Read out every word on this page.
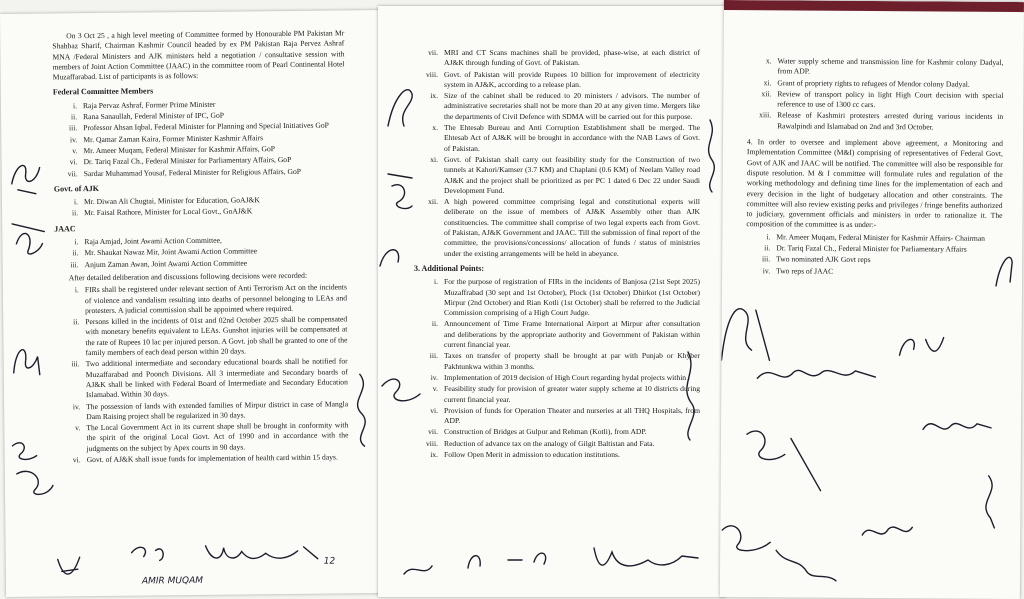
On 3 Oct 25 , a high level meeting of Committee formed by Honourable PM Pakistan Mr Shahbaz Sharif, Chairman Kashmir Council headed by ex PM Pakistan Raja Pervez Ashraf MNA /Federal Ministers and AJK ministers held a negotiation / consultative session with members of Joint Action Committee (JAAC) in the committee room of Pearl Continental Hotel Muzaffarabad. List of participants is as follows:

Federal Committee Members
i. Raja Pervaz Ashraf, Former Prime Minister
ii. Rana Sanaullah, Federal Minister of IPC, GoP
iii. Professor Ahsan Iqbal, Federal Minister for Planning and Special Initiatives GoP
iv. Mr. Qamar Zaman Kaira, Former Minister Kashmir Affairs
v. Mr. Ameer Muqam, Federal Minister for Kashmir Affairs, GoP
vi. Dr. Tariq Fazal Ch., Federal Minister for Parliamentary Affairs, GoP
vii. Sardar Muhammad Yousaf, Federal Minister for Religious Affairs, GoP
Govt. of AJK
i. Mr. Diwan Ali Chugtai, Minister for Education, GoAJ&K
ii. Mr. Faisal Rathore, Minister for Local Govt., GoAJ&K
JAAC
i. Raja Amjad, Joint Awami Action Committee,
ii. Mr. Shaukat Nawaz Mir, Joint Awami Action Committee
iii. Anjum Zaman Awan, Joint Awami Action Committee

After detailed deliberation and discussions following decisions were recorded:

i. FIRs shall be registered under relevant section of Anti Terrorism Act on the incidents of violence and vandalism resulting into deaths of personnel belonging to LEAs and protesters. A judicial commission shall be appointed where required.
ii. Persons killed in the incidents of 01st and 02nd October 2025 shall be compensated with monetary benefits equivalent to LEAs. Gunshot injuries will be compensated at the rate of Rupees 10 lac per injured person. A Govt. job shall be granted to one of the family members of each dead person within 20 days.
iii. Two additional intermediate and secondary educational boards shall be notified for Muzaffarabad and Poonch Divisions. All 3 intermediate and Secondary boards of AJ&K shall be linked with Federal Board of Intermediate and Secondary Education Islamabad. Within 30 days.
iv. The possession of lands with extended families of Mirpur district in case of Mangla Dam Raising project shall be regularized in 30 days.
v. The Local Government Act in its current shape shall be brought in conformity with the spirit of the original Local Govt. Act of 1990 and in accordance with the judgments on the subject by Apex courts in 90 days.
vi. Govt. of AJ&K shall issue funds for implementation of health card within 15 days.
AMIR MUQAM
12
vii. MRI and CT Scans machines shall be provided, phase-wise, at each district of AJ&K through funding of Govt. of Pakistan.
viii. Govt. of Pakistan will provide Rupees 10 billion for improvement of electricity system in AJ&K, according to a release plan.
ix. Size of the cabinet shall be reduced to 20 ministers / advisors. The number of administrative secretaries shall not be more than 20 at any given time. Mergers like the departments of Civil Defence with SDMA will be carried out for this purpose.
x. The Ehtesab Bureau and Anti Corruption Establishment shall be merged. The Ehtesab Act of AJ&K will be brought in accordance with the NAB Laws of Govt. of Pakistan.
xi. Govt. of Pakistan shall carry out feasibility study for the Construction of two tunnels at Kahori/Kamser (3.7 KM) and Chaplani (0.6 KM) of Neelam Valley road AJ&K and the project shall be prioritized as per PC 1 dated 6 Dec 22 under Saudi Development Fund.
xii. A high powered committee comprising legal and constitutional experts will deliberate on the issue of members of AJ&K Assembly other than AJK constituencies. The committee shall comprise of two legal experts each from Govt. of Pakistan, AJ&K Government and JAAC. Till the submission of final report of the committee, the provisions/concessions/ allocation of funds / status of ministries under the existing arrangements will be held in abeyance.
3. Additional Points:
i. For the purpose of registration of FIRs in the incidents of Banjosa (21st Sept 2025) Muzaffrabad (30 sept and 1st October), Plock (1st October) Dhirkot (1st October) Mirpur (2nd October) and Rian Kotli (1st October) shall be referred to the Judicial Commission comprising of a High Court Judge.
ii. Announcement of Time Frame International Airport at Mirpur after consultation and deliberations by the appropriate authority and Government of Pakistan within current financial year.
iii. Taxes on transfer of property shall be brought at par with Punjab or Khyber Pakhtunkwa within 3 months.
iv. Implementation of 2019 decision of High Court regarding hydal projects within .
v. Feasibility study for provision of greater water supply scheme at 10 districts during current financial year.
vi. Provision of funds for Operation Theater and nurseries at all THQ Hospitals, from ADP.
vii. Construction of Bridges at Gulpur and Rehman (Kotli), from ADP.
viii. Reduction of advance tax on the analogy of Gilgit Baltistan and Fata.
ix. Follow Open Merit in admission to education institutions.
x. Water supply scheme and transmission line for Kashmir colony Dadyal, from ADP.
xi. Grant of propriety rights to refugees of Mendor colony Dadyal.
xii. Review of transport policy in light High Court decision with special reference to use of 1300 cc cars.
xiii. Release of Kashmiri protesters arrested during various incidents in Rawalpindi and Islamabad on 2nd and 3rd October.

4. In order to oversee and implement above agreement, a Monitoring and Implementation Committee (M&I) comprising of representatives of Federal Govt, Govt of AJK and JAAC will be notified. The committee will also be responsible for dispute resolution. M & I committee will formulate rules and regulation of the working methodology and defining time lines for the implementation of each and every decision in the light of budgetary allocation and other constraints. The committee will also review existing perks and privileges / fringe benefits authorized to judiciary, government officials and ministers in order to rationalize it. The composition of the committee is as under:-

i. Mr. Ameer Muqam, Federal Minister for Kashmir Affairs- Chairman
ii. Dr. Tariq Fazal Ch., Federal Minister for Parliamentary Affairs
iii. Two nominated AJK Govt reps
iv. Two reps of JAAC
